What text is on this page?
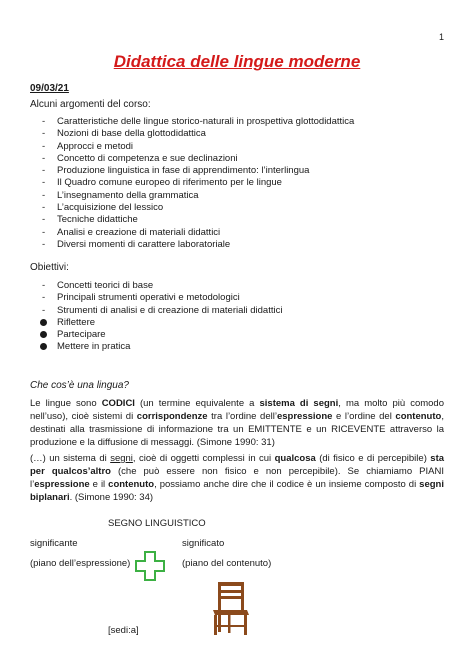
1
Didattica delle lingue moderne
09/03/21
Alcuni argomenti del corso:
- Caratteristiche delle lingue storico-naturali in prospettiva glottodidattica
- Nozioni di base della glottodidattica
- Approcci e metodi
- Concetto di competenza e sue declinazioni
- Produzione linguistica in fase di apprendimento: l’interlingua
- Il Quadro comune europeo di riferimento per le lingue
- L’insegnamento della grammatica
- L’acquisizione del lessico
- Tecniche didattiche
- Analisi e creazione di materiali didattici
- Diversi momenti di carattere laboratoriale
Obiettivi:
- Concetti teorici di base
- Principali strumenti operativi e metodologici
- Strumenti di analisi e di creazione di materiali didattici
Riflettere
Partecipare
Mettere in pratica
Che cos’è una lingua?
Le lingue sono CODICI (un termine equivalente a sistema di segni, ma molto più comodo nell’uso), cioè sistemi di corrispondenze tra l’ordine dell’espressione e l’ordine del contenuto, destinati alla trasmissione di informazione tra un EMITTENTE e un RICEVENTE attraverso la produzione e la diffusione di messaggi. (Simone 1990: 31)
(…) un sistema di segni, cioè di oggetti complessi in cui qualcosa (di fisico e di percepibile) sta per qualcos’altro (che può essere non fisico e non percepibile). Se chiamiamo PIANI l’espressione e il contenuto, possiamo anche dire che il codice è un insieme composto di segni biplanari. (Simone 1990: 34)
SEGNO LINGUISTICO
significante	significato
(piano dell’espressione)	(piano del contenuto)
[sedi:a]
